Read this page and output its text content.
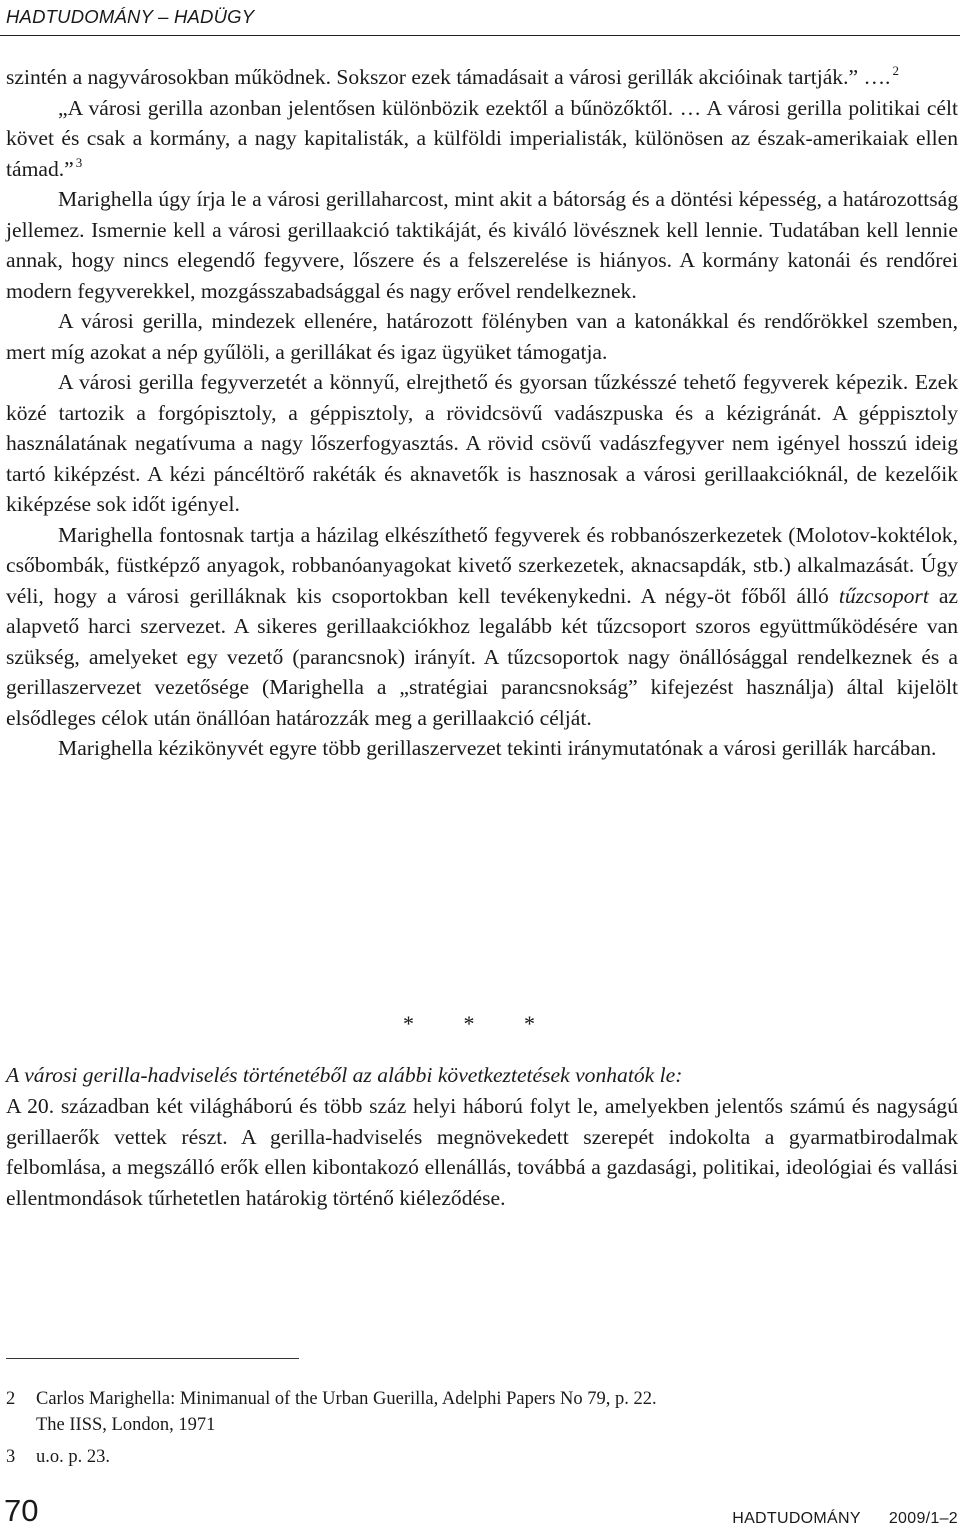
HADTUDOMÁNY – HADÜGY

szintén a nagyvárosokban működnek. Sokszor ezek támadásait a városi gerillák akcióinak tartják.” …. $^2$

„A városi gerilla azonban jelentősen különbözik ezektől a bűnözőktől. … A városi gerilla politikai célt követ és csak a kormány, a nagy kapitalisták, a külföldi imperialisták, különösen az észak-amerikaiak ellen támad.” $^3$

Marighella úgy írja le a városi gerillaharcost, mint akit a bátorság és a döntési képesség, a határozottság jellemez. Ismernie kell a városi gerillaakció taktikáját, és kiváló lövésznek kell lennie. Tudatában kell lennie annak, hogy nincs elegendő fegyvere, lőszere és a felszerelése is hiányos. A kormány katonái és rendőrei modern fegyverekkel, mozgásszabadsággal és nagy erővel rendelkeznek.

A városi gerilla, mindezek ellenére, határozott fölényben van a katonákkal és rendőrökkel szemben, mert míg azokat a nép gyűlöli, a gerillákat és igaz ügyüket támogatja.

A városi gerilla fegyverzetét a könnyű, elrejthető és gyorsan tűzkésszé tehető fegyverek képezik. Ezek közé tartozik a forgópisztoly, a géppisztoly, a rövidcsövű vadászpuska és a kézigránát. A géppisztoly használatának negatívuma a nagy lőszerfogyasztás. A rövid csövű vadászfegyver nem igényel hosszú ideig tartó kiképzést. A kézi páncéltörő rakéták és aknavetők is hasznosak a városi gerillaakcióknál, de kezelőik kiképzése sok időt igényel.

Marighella fontosnak tartja a házilag elkészíthető fegyverek és robbanószerkezetek (Molotov-koktélok, csőbombák, füstképző anyagok, robbanóanyagokat kivető szerkezetek, aknacsapdák, stb.) alkalmazását. Úgy véli, hogy a városi gerilláknak kis csoportokban kell tevékenykedni. A négy-öt főből álló tűzcsoport az alapvető harci szervezet. A sikeres gerillaakciókhoz legalább két tűzcsoport szoros együttműködésére van szükség, amelyeket egy vezető (parancsnok) irányít. A tűzcsoportok nagy önállósággal rendelkeznek és a gerillaszervezet vezetősége (Marighella a „stratégiai parancsnokság” kifejezést használja) által kijelölt elsődleges célok után önállóan határozzák meg a gerillaakció célját.

Marighella kézikönyvét egyre több gerillaszervezet tekinti iránymutatónak a városi gerillák harcában.

* * *
A városi gerilla-hadviselés történetéből az alábbi következtetések vonhatók le:

A 20. században két világháború és több száz helyi háború folyt le, amelyekben jelentős számú és nagyságú gerillaerők vettek részt. A gerilla-hadviselés megnövekedett szerepét indokolta a gyarmatbirodalmak felbomlása, a megszálló erők ellen kibontakozó ellenállás, továbbá a gazdasági, politikai, ideológiai és vallási ellentmondások tűrhetetlen határokig történő kiéleződése.

2	Carlos Marighella: Minimanual of the Urban Guerilla, Adelphi Papers No 79, p. 22.
The IISS, London, 1971
3	u.o. p. 23.
70	HADTUDOMÁNY 2009/1–2
